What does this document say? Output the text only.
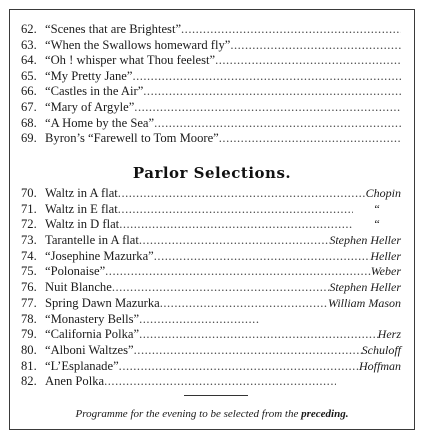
62. “Scenes that are Brightest”
.....
63. “When the Swallows homeward fly”
.....
64. “Oh ! whisper what Thou feelest”
.....
65. “My Pretty Jane”
.....
66. “Castles in the Air”
.....
67. “Mary of Argyle”
.....
68. “A Home by the Sea”
.....
69. Byron’s “Farewell to Tom Moore”
.....
Parlor Selections.
70. Waltz in A flat .....	Chopin
71. Waltz in E flat .....	“
72. Waltz in D flat .....	“
73. Tarantelle in A flat .....	Stephen Heller
74. “Josephine Mazurka” .....	Heller
75. “Polonaise” .....	Weber
76. Nuit Blanche .....	Stephen Heller
77. Spring Dawn Mazurka .....	William Mason
78. “Monastery Bells”
.....
79. “California Polka” .....	Herz
80. “Alboni Waltzes” .....	Schuloff
81. “L’Esplanade” .....	Hoffman
82. Anen Polka
.....
Programme for the evening to be selected from the preceding.
